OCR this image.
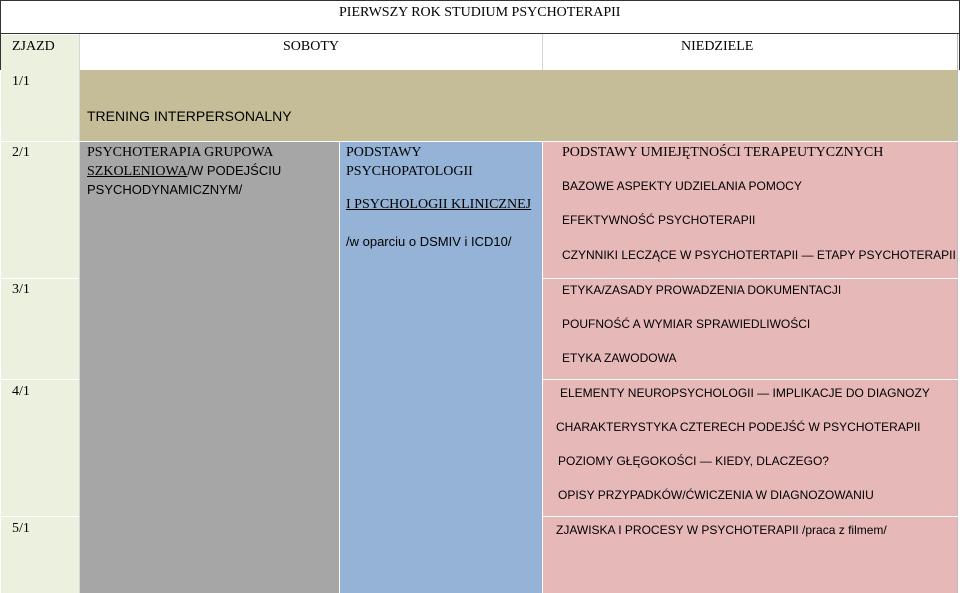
PIERWSZY ROK STUDIUM PSYCHOTERAPII
ZJAZD	SOBOTY	NIEDZIELE
1/1
TRENING INTERPERSONALNY
2/1
3/1
4/1
5/1
PSYCHOTERAPIA GRUPOWA
SZKOLENIOWA/W PODEJŚCIU
PSYCHODYNAMICZNYM/
PODSTAWY
PSYCHOPATOLOGII
I PSYCHOLOGII KLINICZNEJ
/w oparciu o DSMIV i ICD10/
PODSTAWY UMIEJĘTNOŚCI TERAPEUTYCZNYCH
BAZOWE ASPEKTY UDZIELANIA POMOCY
EFEKTYWNOŚĆ PSYCHOTERAPII
CZYNNIKI LECZĄCE W PSYCHOTERTAPII — ETAPY PSYCHOTERAPII
ETYKA/ZASADY PROWADZENIA DOKUMENTACJI
POUFNOŚĆ A WYMIAR SPRAWIEDLIWOŚCI
ETYKA ZAWODOWA
ELEMENTY NEUROPSYCHOLOGII — IMPLIKACJE DO DIAGNOZY
CHARAKTERYSTYKA CZTERECH PODEJŚĆ W PSYCHOTERAPII
POZIOMY GŁĘGOKOŚCI — KIEDY, DLACZEGO?
OPISY PRZYPADKÓW/ĆWICZENIA W DIAGNOZOWANIU
ZJAWISKA I PROCESY W PSYCHOTERAPII /praca z filmem/
